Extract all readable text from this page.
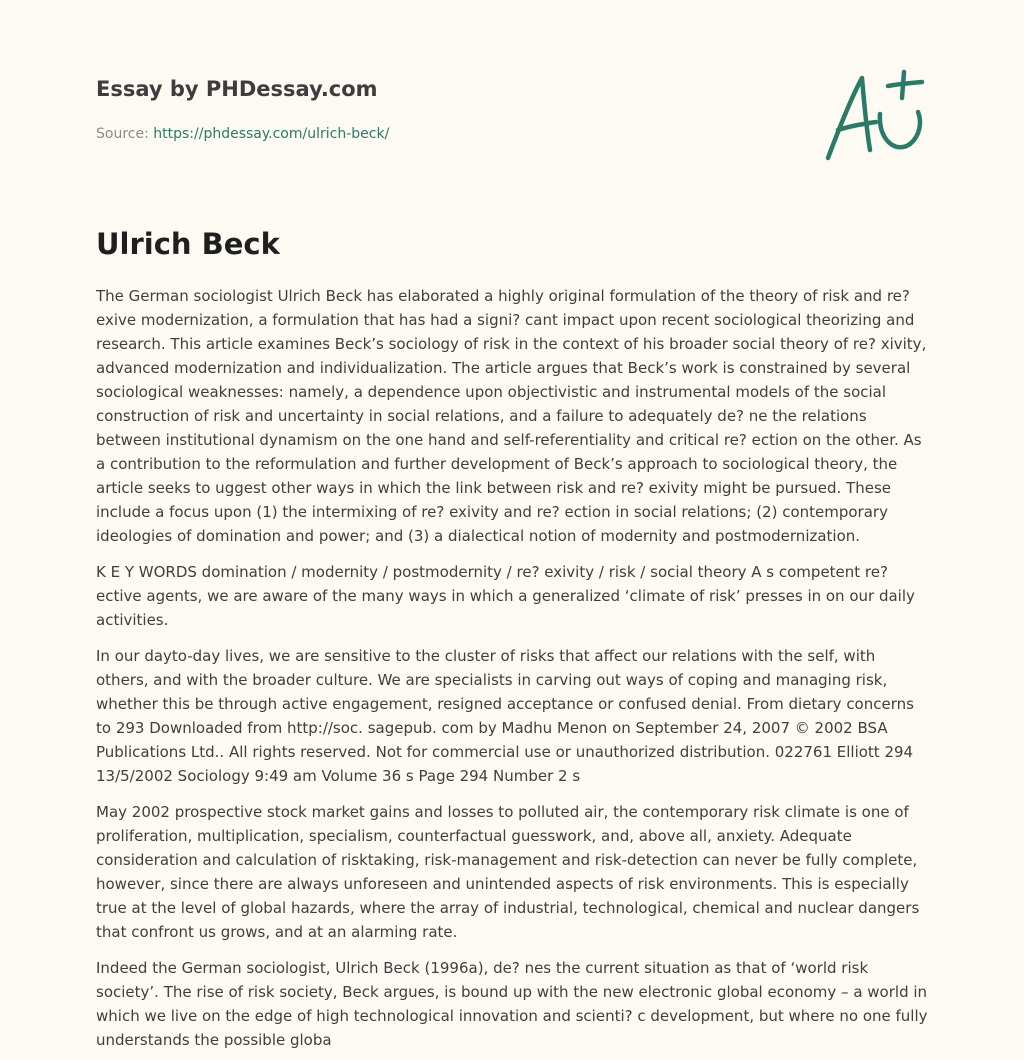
Essay by PHDessay.com
Source: https://phdessay.com/ulrich-beck/
Ulrich Beck

The German sociologist Ulrich Beck has elaborated a highly original formulation of the theory of risk and re? exive modernization, a formulation that has had a signi? cant impact upon recent sociological theorizing and research. This article examines Beck’s sociology of risk in the context of his broader social theory of re? xivity, advanced modernization and individualization. The article argues that Beck’s work is constrained by several sociological weaknesses: namely, a dependence upon objectivistic and instrumental models of the social construction of risk and uncertainty in social relations, and a failure to adequately de? ne the relations between institutional dynamism on the one hand and self-referentiality and critical re? ection on the other. As a contribution to the reformulation and further development of Beck’s approach to sociological theory, the article seeks to uggest other ways in which the link between risk and re? exivity might be pursued. These include a focus upon (1) the intermixing of re? exivity and re? ection in social relations; (2) contemporary ideologies of domination and power; and (3) a dialectical notion of modernity and postmodernization.

K E Y WORDS domination / modernity / postmodernity / re? exivity / risk / social theory A s competent re? ective agents, we are aware of the many ways in which a generalized ‘climate of risk’ presses in on our daily activities.

In our dayto-day lives, we are sensitive to the cluster of risks that affect our relations with the self, with others, and with the broader culture. We are specialists in carving out ways of coping and managing risk, whether this be through active engagement, resigned acceptance or confused denial. From dietary concerns to 293 Downloaded from http://soc. sagepub. com by Madhu Menon on September 24, 2007 © 2002 BSA Publications Ltd.. All rights reserved. Not for commercial use or unauthorized distribution. 022761 Elliott 294 13/5/2002 Sociology 9:49 am Volume 36 s Page 294 Number 2 s

May 2002 prospective stock market gains and losses to polluted air, the contemporary risk climate is one of proliferation, multiplication, specialism, counterfactual guesswork, and, above all, anxiety. Adequate consideration and calculation of risktaking, risk-management and risk-detection can never be fully complete, however, since there are always unforeseen and unintended aspects of risk environments. This is especially true at the level of global hazards, where the array of industrial, technological, chemical and nuclear dangers that confront us grows, and at an alarming rate.

Indeed the German sociologist, Ulrich Beck (1996a), de? nes the current situation as that of ‘world risk society’. The rise of risk society, Beck argues, is bound up with the new electronic global economy – a world in which we live on the edge of high technological innovation and scienti? c development, but where no one fully understands the possible globa
